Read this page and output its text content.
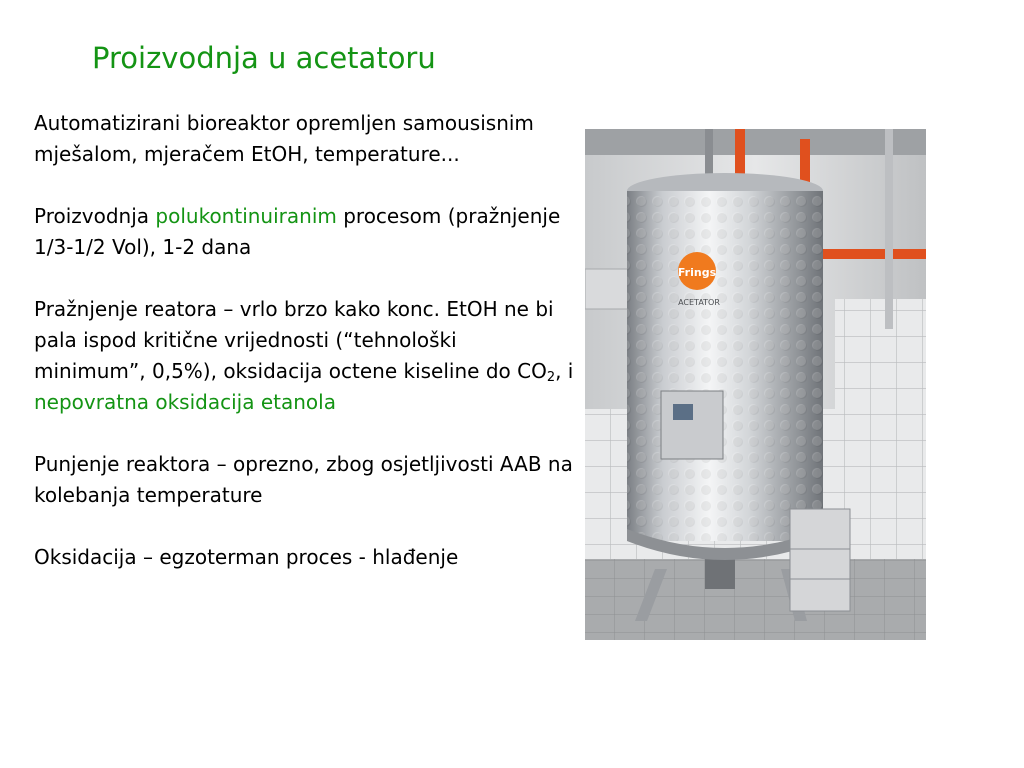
Proizvodnja u acetatoru

Automatizirani bioreaktor opremljen samousisnim mješalom, mjeračem EtOH, temperature...

Proizvodnja polukontinuiranim procesom (pražnjenje 1/3-1/2 Vol), 1-2 dana

Pražnjenje reatora – vrlo brzo kako konc. EtOH ne bi pala ispod kritične vrijednosti (“tehnološki minimum”, 0,5%), oksidacija octene kiseline do $CO_2$, i nepovratna oksidacija etanola

Punjenje reaktora – oprezno, zbog osjetljivosti AAB na kolebanja temperature

Oksidacija – egzoterman proces - hlađenje

Frings
ACETATOR
